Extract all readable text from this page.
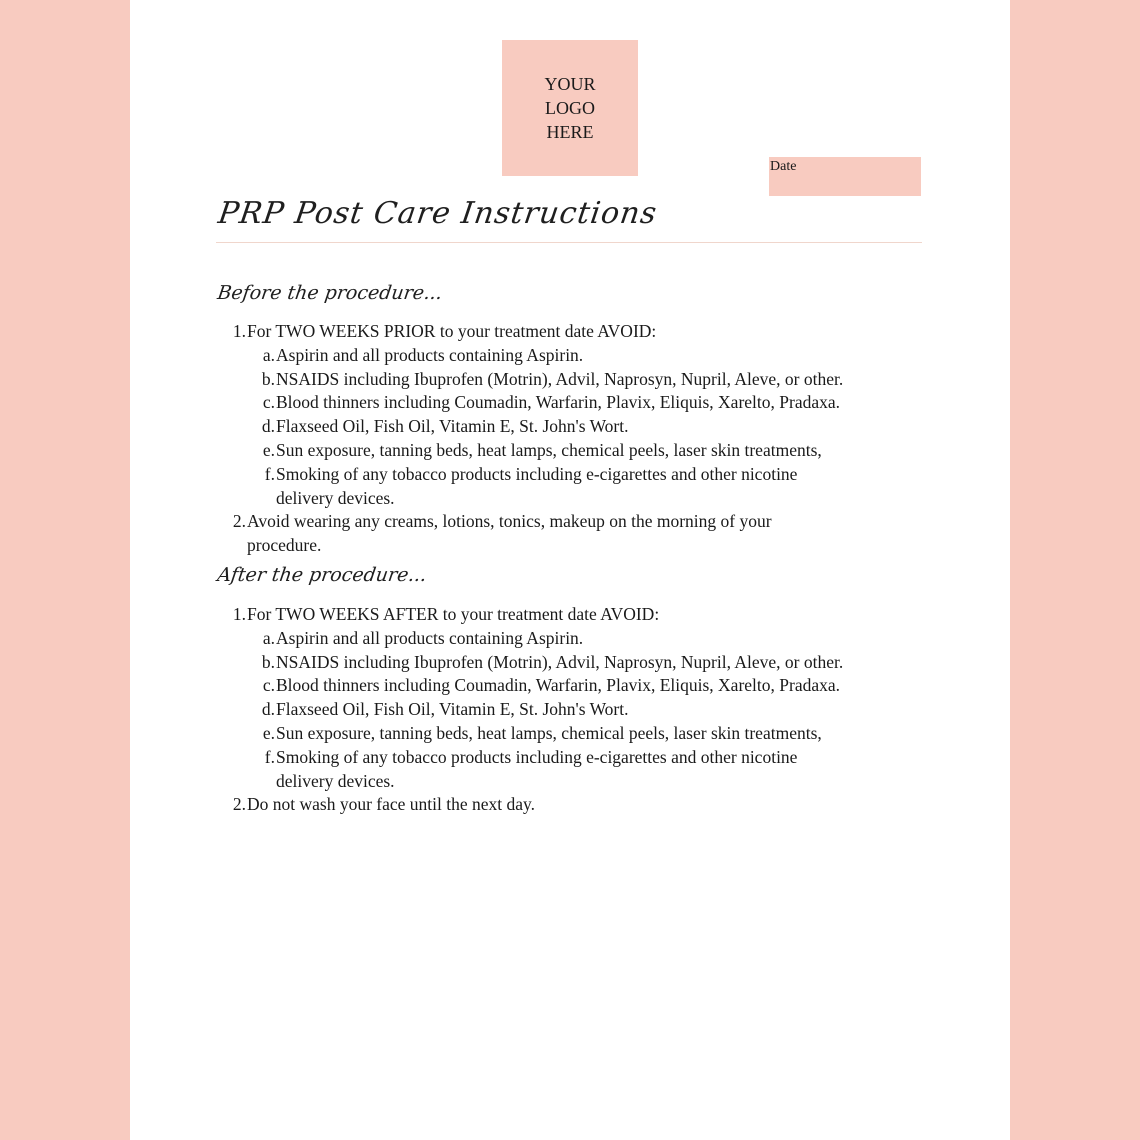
YOUR
LOGO
HERE
Date
PRP Post Care Instructions
Before the procedure...
1. For TWO WEEKS PRIOR to your treatment date AVOID:
a. Aspirin and all products containing Aspirin.
b. NSAIDS including Ibuprofen (Motrin), Advil, Naprosyn, Nupril, Aleve, or other.
c. Blood thinners including Coumadin, Warfarin, Plavix, Eliquis, Xarelto, Pradaxa.
d. Flaxseed Oil, Fish Oil, Vitamin E, St. John's Wort.
e. Sun exposure, tanning beds, heat lamps, chemical peels, laser skin treatments,
f. Smoking of any tobacco products including e-cigarettes and other nicotine
delivery devices.
2. Avoid wearing any creams, lotions, tonics, makeup on the morning of your
procedure.
After the procedure...
1. For TWO WEEKS AFTER to your treatment date AVOID:
a. Aspirin and all products containing Aspirin.
b. NSAIDS including Ibuprofen (Motrin), Advil, Naprosyn, Nupril, Aleve, or other.
c. Blood thinners including Coumadin, Warfarin, Plavix, Eliquis, Xarelto, Pradaxa.
d. Flaxseed Oil, Fish Oil, Vitamin E, St. John's Wort.
e. Sun exposure, tanning beds, heat lamps, chemical peels, laser skin treatments,
f. Smoking of any tobacco products including e-cigarettes and other nicotine
delivery devices.
2. Do not wash your face until the next day.
